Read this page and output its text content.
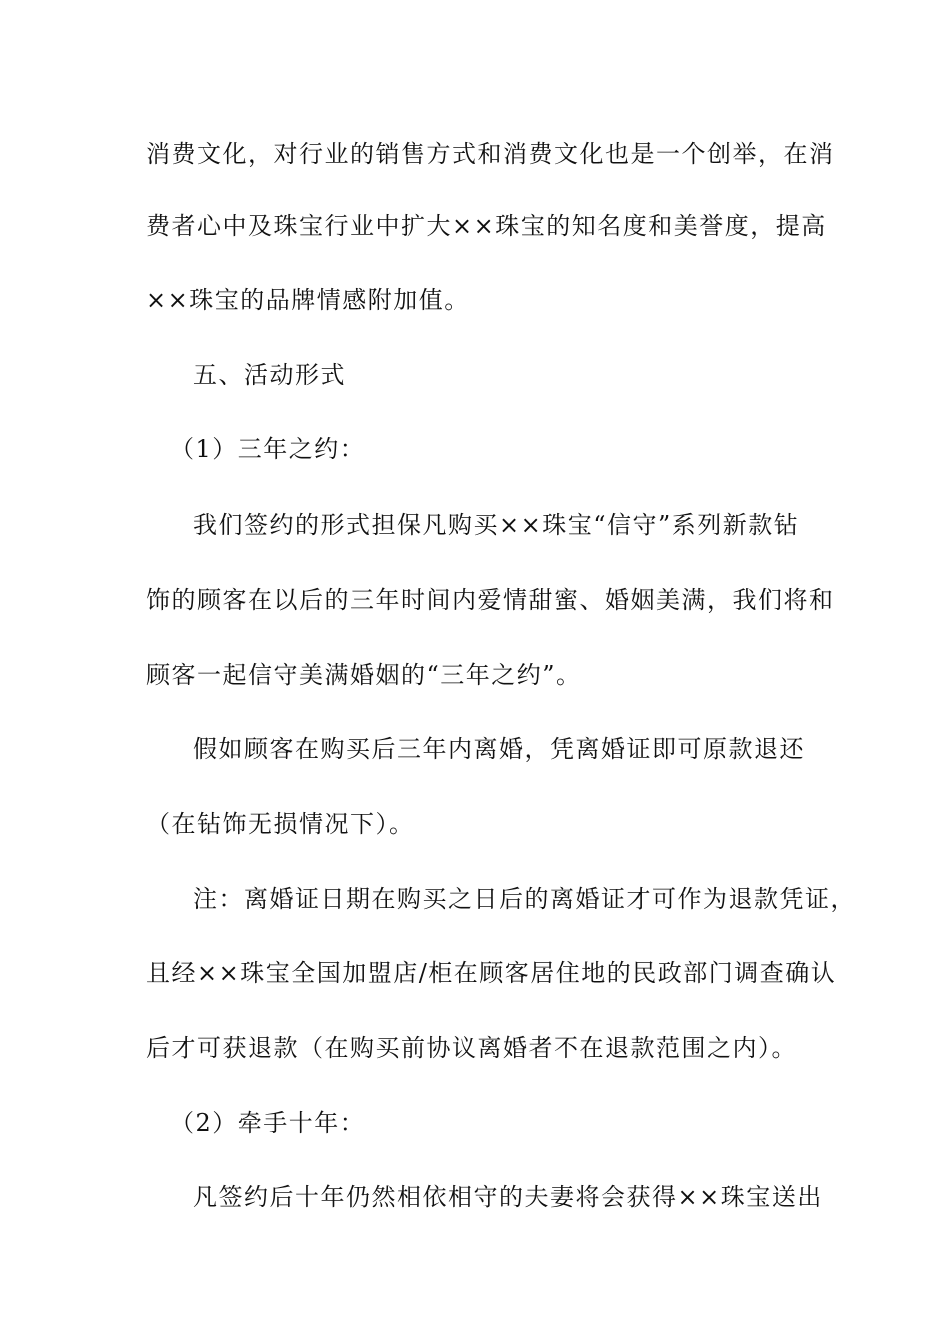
消费文化，对行业的销售方式和消费文化也是一个创举，在消
费者心中及珠宝行业中扩大××珠宝的知名度和美誉度，提高
××珠宝的品牌情感附加值。
五、活动形式
（1）三年之约：
我们签约的形式担保凡购买××珠宝“信守”系列新款钻
饰的顾客在以后的三年时间内爱情甜蜜、婚姻美满，我们将和
顾客一起信守美满婚姻的“三年之约”。
假如顾客在购买后三年内离婚，凭离婚证即可原款退还
（在钻饰无损情况下）。
注：离婚证日期在购买之日后的离婚证才可作为退款凭证，
且经××珠宝全国加盟店/柜在顾客居住地的民政部门调查确认
后才可获退款（在购买前协议离婚者不在退款范围之内）。
（2）牵手十年：
凡签约后十年仍然相依相守的夫妻将会获得××珠宝送出
